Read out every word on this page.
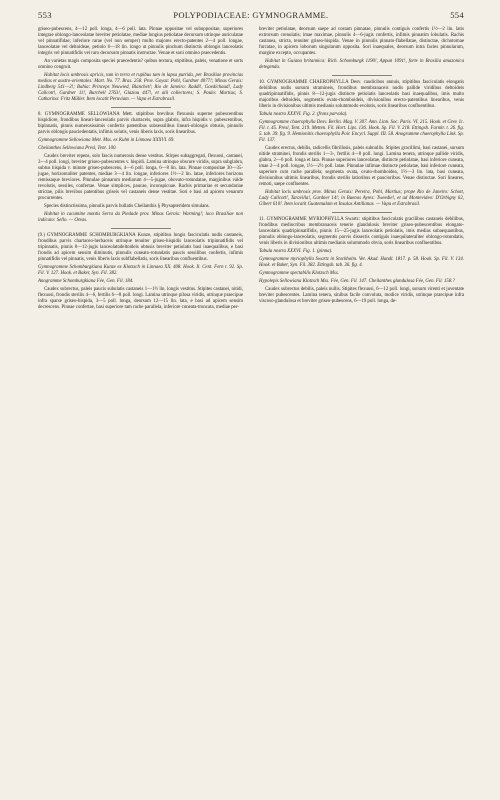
553	POLYPODIACEAE: GYMNOGRAMME.	554

griseo-pubescens, 4—12 poll. longa, 4—6 poll. lata. Pinnae oppositae vel suboppositae, superiores integrae oblongo-lanceolatae breviter petiolatae, mediae longius petiolatae decursum utrinque auriculatae vel pinnatifidae; inferiore rarae (vel non semper) multo majores erecto-patentes 2—4 poll. longae, lanceolatae vel deltoideae, petiolo 6—18 lin. longo ut pinnulis pinchum distinctis oblongis lanceolatis integris vel pinnatifidis vel raro decursum pinnatis instructae. Venae et soni omnino praecedentis.

An varietas magis composita speciei praecedentis? quibus textura, stipitibus, paleis, venatione et sorts omnino congruit.

Habitat locis umbrosis apricis, tam in terra et rupibus tam in lapsa putrida, per Brasiliae provincias medias et austro-orientales: Mart. No. 77. Bras. 258. Prov. Goyaz: Pohl, Gardner 4077!; Minas Gerais: Lindberg 541—2!; Bahia: Princeps Neuwied, Blanchet!; Rio de Janeiro: Raddi!, Goedichaud!, Lady Callcott!, Gardner 11!, Burchell 2763!, Glaziou 447!, et alii collectores; S. Paulo: Martius; S. Catharina: Fritz Müller. Item locatit Peruviam. — Vapa et Estrabrasil.

8. GYMNOGRAMME SELLOWIANA Mett. stipitibus brevibus flexuosis superne pubescentibus hispidiore, frondibus lineari-lanceolatis parvis chartaceis, supra glabris, infra hispidis v. pubescentibus, bipinnatis, pinnis numerosissimis confertis patentibus subsessilibus lineari-oblongis obtusis, pinnulis parvis oblongis pauciedentatis, infimis solutis, venis liberis laxis, soris linearibus.

Gymnogramme Sellowiana Mett. Mss. ex Kuhn in Linnaea XXXVI. 69.

Cheilanthes Sellowiana Presl, Tent. 100.

Caudex breviter repens, solo fascis numerosis dense vestitus. Stirpes subaggregati, flexuosi, castanei, 3—4 poll. longi, breviter griseo-pubescentes v. hispidi. Lamina utrinque obscure viridis, supra subglabra, subtus hispida v. minute griseo-pubescens, 4—6 poll. longa, 6—8 lin. lata. Pinnae compositae 30—35-jugae, horizontaliter patentes, mediae 3—4 lin. longae, inferiores 1½—2 lin. latae, inferiores horizons remissaque breviores. Pinnulae pinnarum mediarum 4—5-jugae, obovato-rotundatae, marginibus valde revolutis, sessiles, confertae. Venae simplices, paucae, inconspicuae. Rachis primariae et secundariae strictae, pilis brevibus patentibus griseis vel castaneis dense vestitae. Sori e basi ad apicem venarum procurrentes.

Species distinctissima, pinnulis parvis bullatis Cheilanthis § Physapteridem simulans.

Habitat in cacumine montis Serra da Piedade prov. Minas Gerais: Warming!; loco Brasiliae non indicato: Sello. — Oreas.

(9.) GYMNOGRAMME SCHOMBURGKIANA Kunze, stipitibus longis fasciculatis nudis castaneis, frondibus parvis chartaceo-herbaceis utrinque tenuiter griseo-hispidis lanceolatis tripinnatifidis vel tripinnatis, pinnis 8—12-jugis lanceolatodeltoideis obtusis breviter petiolatis basi inaequalibus, e basi frondis ad apicem sensim diminutis, pinnulis cuneato-rotundatis paucis sessilibus confertis, infimis pinnatifidis vel pinnatis, venis liberis laxis subflabellatis, soris linearibus confluentibus.

Gymnogramme Schomburgkiana Kunze ex Klotzsch in Linnaea XX. 408. Hook. Il. Cent. Fern t. 92. Sp. Fil. V. 127. Hook. et Baker, Syn. Fil. 382.

Anogramme Schomburgkiana Fée, Gen. Fil. 184.

Caudex subrectus, paleis paucis subulatis castaneis 1—1½ lin. longis vestitus. Stipites castanei, nitidi, flexuosi, frondis sterilis 4—6, fertilis 6—8 poll. longi. Lamina utrinque pilosa viridis, utrinque praecipue infra sparse griseo-hispida, 3—5 poll. longa, deorsum 12—15 lin. lata, e basi ad apicem sensim decrescens. Pinnae confertae, basi superiore tam rache parallela, inferiore cuneata-truncata, mediae per-

breviter petiolatae, deorsum saepe ad costam pinnatae, pinnulis contiguis confertis 1½—2 lin. latis extrorsum crenulatis; imae maximae, pinnulis 4—6-jugis confertis, infimis pinnatim lobulatis. Rachis castanea, stricta, tenuiter griseo-hispida. Venae in pinnulis pinnato-flabellatae, distinctae, dichotomae furcatae, in apicem loborum singularum opposita. Sori inaequales, deorsum intra facies pinnularum, margine excepto, occupantes.

Habitat in Guiana britannica: Rich. Schomburgk 1190!, Appun 1091!, forte in Brasilia amazonica detegenda.

10. GYMNOGRAMME CHAEROPHYLLA Desv. caudicibus annuis, stipitibus fasciculatis elongatis debilibus nudis sursum stramineis, frondibus membranaceis nudis pallide viridibus deltoideis quadripinnatifidis, pinnis 8—12-jugis distincte petiolatis lanceolatis basi inaequalibus, imis multo majoribus deltoideis, segmentis ovato-rhomboideis, divisionibus erecto-patentibus linearibus, venis liberis in divisionibus ultimis medianis solummodo evolutis, soris linearibus confluentibus.

Tabula nostra XXXVI. Fig. 2. (frons parvula).

Gymnogramme chaerophylla Desv. Berlin. Mag. V. 307. Ann. Linn. Soc. Paris. VI. 215. Hook. et Grev. Ic. Fil. t. 45. Presl, Tent. 219. Metten. Fil. Hort. Lips. 136. Hook. Sp. Fil. V. 218. Ettingsh. Farnkr. t. 26. fig. 5. tab. 39. fig. 9. Hemionitis chaerophylla Poir. Encycl. Suppl. III. 58. Anogramme chaerophylla Link. Sp. Fil. 137.

Caudex erectus, debilis, radicellis fibrillosis, paleis subnullis. Stipites gracillimi, basi castanei, sursum nitide straminei, frondis sterilis 1—3-, fertilis 4—8 poll. longi. Lamina tenera, utrinque pallide viridis, glabra, 2—6 poll. longa et lata. Pinnae superiores lanceolatae, distincte petiolatae, basi inferiore cuneata, imae 2—4 poll. longae, 1½—2½ poll. latae. Pinnulae infimae distincte petiolatae, basi inferiore cuneata, superiore cum rache parallela; segmenta ovata, ovato-rhomboidea, 1½—3 lin. lata, basi cuneata, divisionibus ultimis linearibus, frondis sterilis latioribus et paucioribus. Venae distinctae. Sori lineares, remoti, saepe confluentes.

Habitat locis umbrosis prov. Minas Gerais: Pereira, Pohl, Martius; prope Rio de Janeiro: Schott, Lady Callcott!, Taravilla!, Gardner 14!; in Buenos Ayres: Tweedie!, et ad Montevideo: D'Orbigny 62, Gibert 610!. Item locatit Guatemalam et Insulas Antillanas. — Vapa et Estrabrasil.

11. GYMNOGRAMME MYRIOPHYLLA Swartz: stipitibus fasciculatis gracilibus castaneis debilibus, frondibus mediocribus membranaceis tenerie glandulosis breviter griseo-pubescentibus elongato-lanceolatis quadripinnatifidis, pinnis 15—25-jugis lanceolatis petiolatis, imis medias subaequantibus, pinnulis oblongo-lanceolatis, segmentis parvis dissectis contiguis inaequilateraliter oblongo-rotundatis, venis liberis in divisionibus ultimis medianis solummodo obvia, soris linearibus confluentibus.

Tabula nostra XXXVI. Fig. 1. (pinna).

Gymnogramme myriophylla Swartz in Stockholm. Vet. Akad. Handl. 1817. p. 58. Hook. Sp. Fil. V. 134. Hook. et Baker, Syn. Fil. 382. Ettingsh. tab. 36. fig. 4.

Gymnogramme spectabilis Klotzsch Mss.

Hypolepis Sellowiana Klotzsch Mss. Fée, Gen. Fil. 147. Cheilanthes glandulosa Fée, Gen. Fil. 158.?

Caudex subrectus debilis, paleis nullis. Stipites flexuosi, 6—12 poll. longi, sursum virenti et juventate breviter pubescentes. Lamina tenera, sinibus facile convoluta, modice viridis, utrinque praecipue infra viscoso-glandulosa et breviter griseo-pubescens, 6—19 poll. longa, de-
